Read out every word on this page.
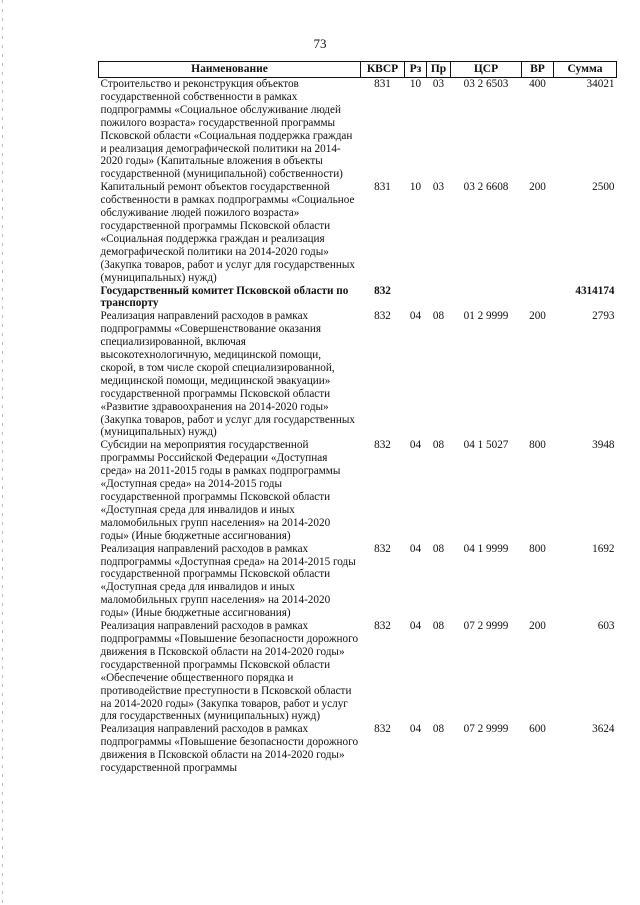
73
Наименование	КВСР	Рз	Пр	ЦСР	ВР	Сумма
Строительство и реконструкция объектов государственной собственности в рамках подпрограммы «Социальное обслуживание людей пожилого возраста» государственной программы Псковской области «Социальная поддержка граждан и реализация демографической политики на 2014-2020 годы» (Капитальные вложения в объекты государственной (муниципальной) собственности)	831	10	03	03 2 6503	400	34021
Капитальный ремонт объектов государственной собственности в рамках подпрограммы «Социальное обслуживание людей пожилого возраста» государственной программы Псковской области «Социальная поддержка граждан и реализация демографической политики на 2014-2020 годы» (Закупка товаров, работ и услуг для государственных (муниципальных) нужд)	831	10	03	03 2 6608	200	2500
Государственный комитет Псковской области по транспорту	832					4314174
Реализация направлений расходов в рамках подпрограммы «Совершенствование оказания специализированной, включая высокотехнологичную, медицинской помощи, скорой, в том числе скорой специализированной, медицинской помощи, медицинской эвакуации» государственной программы Псковской области «Развитие здравоохранения на 2014-2020 годы» (Закупка товаров, работ и услуг для государственных (муниципальных) нужд)	832	04	08	01 2 9999	200	2793
Субсидии на мероприятия государственной программы Российской Федерации «Доступная среда» на 2011-2015 годы в рамках подпрограммы «Доступная среда» на 2014-2015 годы государственной программы Псковской области «Доступная среда для инвалидов и иных маломобильных групп населения» на 2014-2020 годы» (Иные бюджетные ассигнования)	832	04	08	04 1 5027	800	3948
Реализация направлений расходов в рамках подпрограммы «Доступная среда» на 2014-2015 годы государственной программы Псковской области «Доступная среда для инвалидов и иных маломобильных групп населения» на 2014-2020 годы» (Иные бюджетные ассигнования)	832	04	08	04 1 9999	800	1692
Реализация направлений расходов в рамках подпрограммы «Повышение безопасности дорожного движения в Псковской области на 2014-2020 годы» государственной программы Псковской области «Обеспечение общественного порядка и противодействие преступности в Псковской области на 2014-2020 годы» (Закупка товаров, работ и услуг для государственных (муниципальных) нужд)	832	04	08	07 2 9999	200	603
Реализация направлений расходов в рамках подпрограммы «Повышение безопасности дорожного движения в Псковской области на 2014-2020 годы» государственной программы	832	04	08	07 2 9999	600	3624
